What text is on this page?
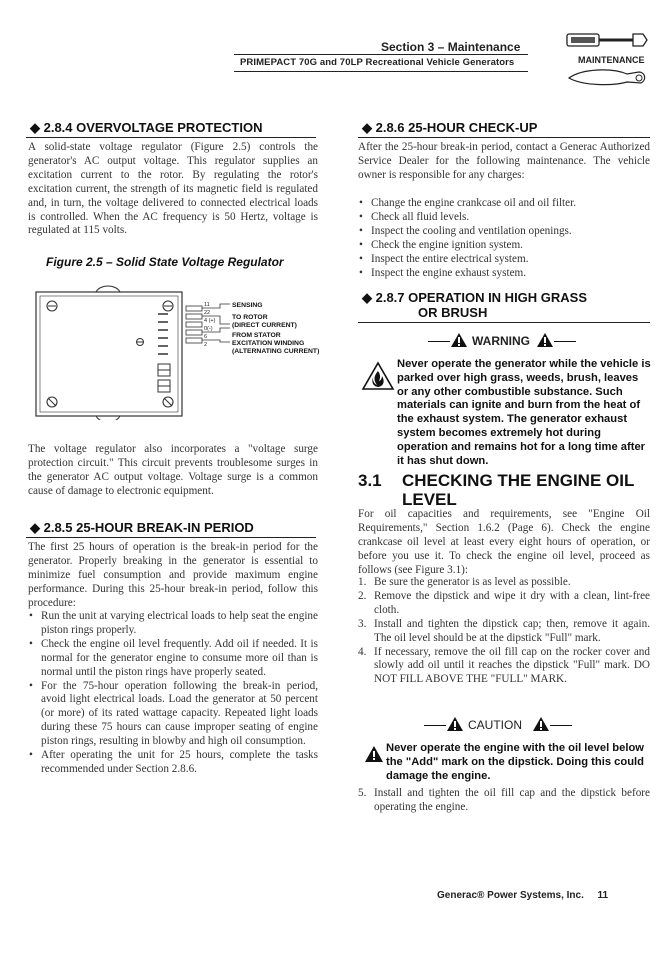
Section 3 – Maintenance
PRIMEPACT 70G and 70LP Recreational Vehicle Generators	MAINTENANCE
◆ 2.8.4 OVERVOLTAGE PROTECTION

A solid-state voltage regulator (Figure 2.5) controls the generator's AC output voltage. This regulator supplies an excitation current to the rotor. By regulating the rotor's excitation current, the strength of its magnetic field is regulated and, in turn, the voltage delivered to connected electrical loads is controlled. When the AC frequency is 50 Hertz, voltage is regulated at 115 volts.

Figure 2.5 – Solid State Voltage Regulator
11
22
4 (+)
0(-)
6
2
SENSING
TO ROTOR
(DIRECT CURRENT)
FROM STATOR
EXCITATION WINDING
(ALTERNATING CURRENT)

The voltage regulator also incorporates a "voltage surge protection circuit." This circuit prevents troublesome surges in the generator AC output voltage. Voltage surge is a common cause of damage to electronic equipment.

◆ 2.8.5 25-HOUR BREAK-IN PERIOD

The first 25 hours of operation is the break-in period for the generator. Properly breaking in the generator is essential to minimize fuel consumption and provide maximum engine performance. During this 25-hour break-in period, follow this procedure:

• Run the unit at varying electrical loads to help seat the engine piston rings properly.
• Check the engine oil level frequently. Add oil if needed. It is normal for the generator engine to consume more oil than is normal until the piston rings have properly seated.
• For the 75-hour operation following the break-in period, avoid light electrical loads. Load the generator at 50 percent (or more) of its rated wattage capacity. Repeated light loads during these 75 hours can cause improper seating of engine piston rings, resulting in blowby and high oil consumption.
• After operating the unit for 25 hours, complete the tasks recommended under Section 2.8.6.
◆ 2.8.6 25-HOUR CHECK-UP

After the 25-hour break-in period, contact a Generac Authorized Service Dealer for the following maintenance. The vehicle owner is responsible for any charges:

• Change the engine crankcase oil and oil filter.
• Check all fluid levels.
• Inspect the cooling and ventilation openings.
• Check the engine ignition system.
• Inspect the entire electrical system.
• Inspect the engine exhaust system.
◆ 2.8.7 OPERATION IN HIGH GRASS
OR BRUSH
WARNING

Never operate the generator while the vehicle is parked over high grass, weeds, brush, leaves or any other combustible substance. Such materials can ignite and burn from the heat of the exhaust system. The generator exhaust system becomes extremely hot during operation and remains hot for a long time after it has shut down.

3.1 CHECKING THE ENGINE OIL
LEVEL

For oil capacities and requirements, see "Engine Oil Requirements," Section 1.6.2 (Page 6). Check the engine crankcase oil level at least every eight hours of operation, or before you use it. To check the engine oil level, proceed as follows (see Figure 3.1):

1. Be sure the generator is as level as possible.
2. Remove the dipstick and wipe it dry with a clean, lint-free cloth.
3. Install and tighten the dipstick cap; then, remove it again. The oil level should be at the dipstick "Full" mark.
4. If necessary, remove the oil fill cap on the rocker cover and slowly add oil until it reaches the dipstick "Full" mark. DO NOT FILL ABOVE THE "FULL" MARK.
CAUTION

Never operate the engine with the oil level below the "Add" mark on the dipstick. Doing this could damage the engine.

5. Install and tighten the oil fill cap and the dipstick before operating the engine.
Generac® Power Systems, Inc. 11
